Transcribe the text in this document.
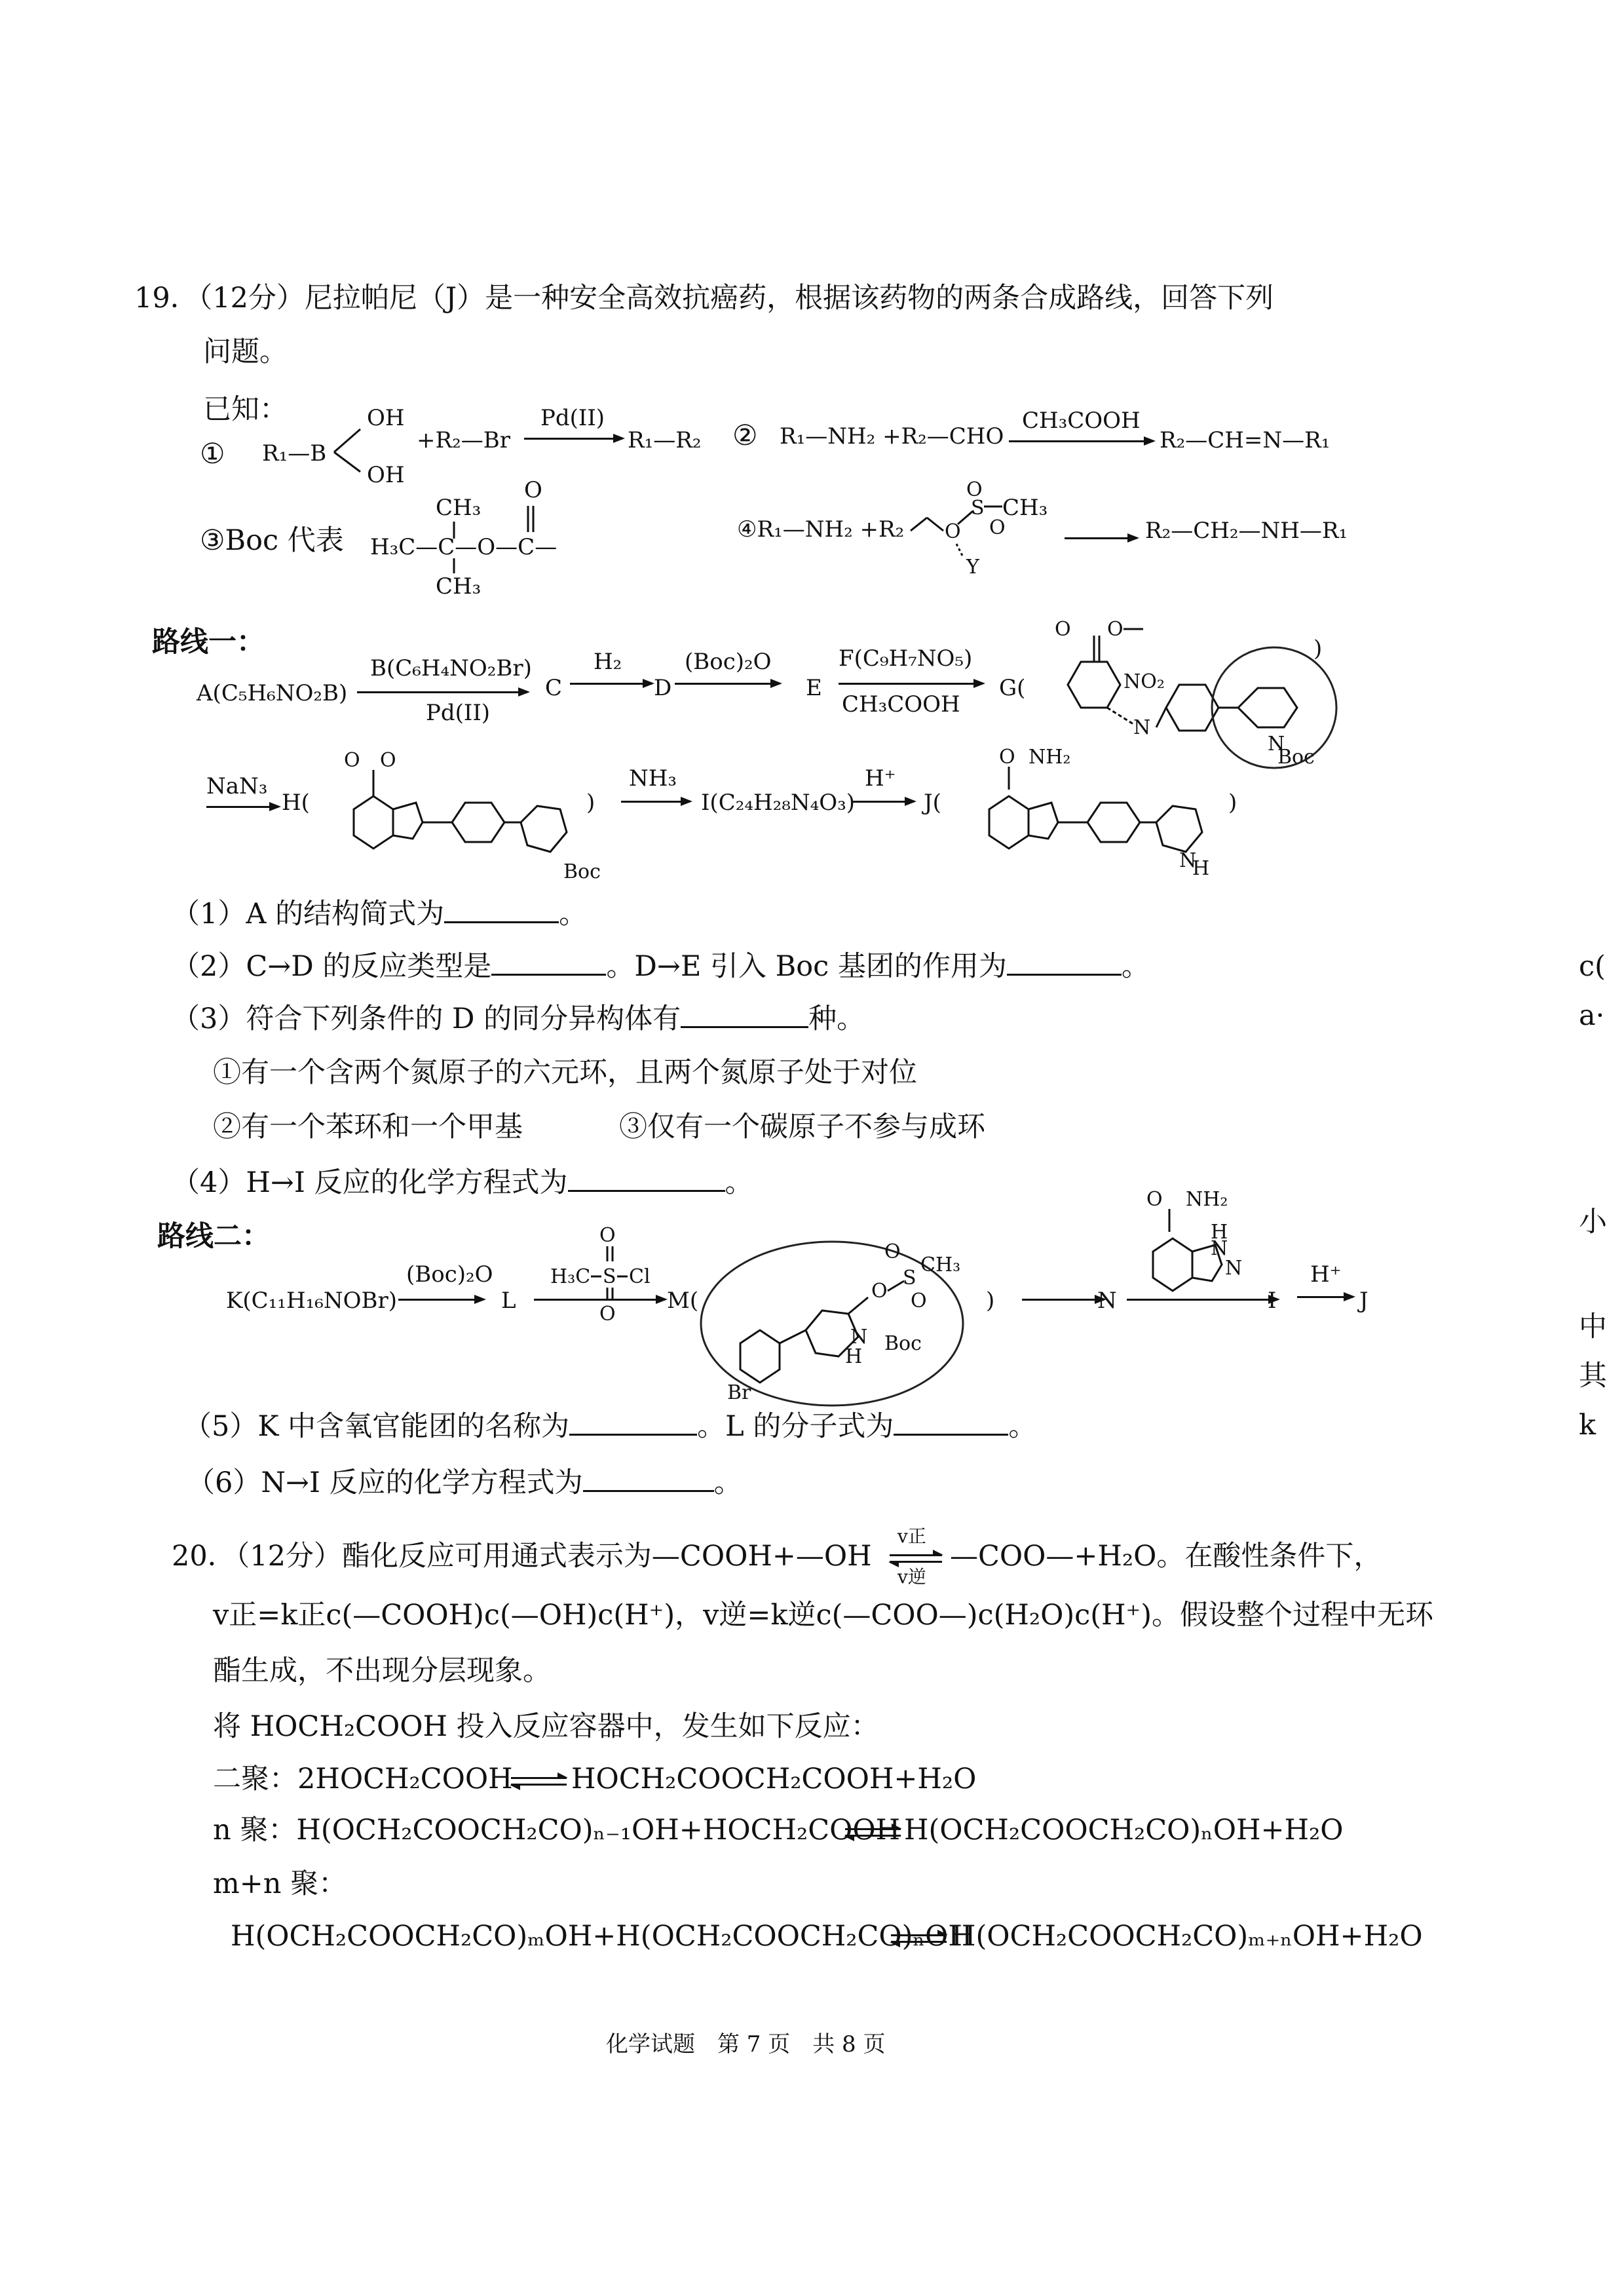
19．（12分）尼拉帕尼（J）是一种安全高效抗癌药，根据该药物的两条合成路线，回答下列
问题。
已知：
① R₁—B
OH
OH
+R₂—Br
Pd(II)
R₁—R₂ ② R₁—NH₂ +R₂—CHO
CH₃COOH
R₂—CH=N—R₁
③Boc 代表
CH₃
H₃C—C—O—C—
CH₃
O
④R₁—NH₂ +R₂ O
S
O
O
Y
CH₃
R₂—CH₂—NH—R₁
路线一：
A(C₅H₆NO₂B)
B(C₆H₄NO₂Br)
Pd(II)
C
H₂
D
(Boc)₂O
E
F(C₉H₇NO₅)
CH₃COOH
G(
O O
NO₂
N
N
Boc
)
NaN₃
H(
O O
Boc
)
NH₃
I(C₂₄H₂₈N₄O₃)
H⁺
J(
O NH₂
N
H
)
（1）A 的结构简式为	。
（2）C→D 的反应类型是	。D→E 引入 Boc 基团的作用为	。
（3）符合下列条件的 D 的同分异构体有	种。
①有一个含两个氮原子的六元环，且两个氮原子处于对位
②有一个苯环和一个甲基	③仅有一个碳原子不参与成环
（4）H→I 反应的化学方程式为	。
路线二：
K(C₁₁H₁₆NOBr)
(Boc)₂O
L
O
S Cl
H₃C
O
M(
Br
N
H
Boc
O
S
CH₃
O
O	)	N
O NH₂
H
N
N
I
H⁺
J
（5）K 中含氧官能团的名称为	。L 的分子式为	。
（6）N→I 反应的化学方程式为	。
20．（12分）酯化反应可用通式表示为—COOH+—OH
v正
v逆
—COO—+H₂O。在酸性条件下，
v正=k正c(—COOH)c(—OH)c(H⁺)，v逆=k逆c(—COO—)c(H₂O)c(H⁺)。假设整个过程中无环
酯生成，不出现分层现象。
将 HOCH₂COOH 投入反应容器中，发生如下反应：
二聚：2HOCH₂COOH HOCH₂COOCH₂COOH+H₂O
n 聚：H(OCH₂COOCH₂CO)ₙ₋₁OH+HOCH₂COOH H(OCH₂COOCH₂CO)ₙOH+H₂O
m+n 聚：
H(OCH₂COOCH₂CO)ₘOH+H(OCH₂COOCH₂CO)ₙOH
H(OCH₂COOCH₂CO)ₘ₊ₙOH+H₂O
化学试题　第 7 页　共 8 页
c(
a·
小
中
其
k
